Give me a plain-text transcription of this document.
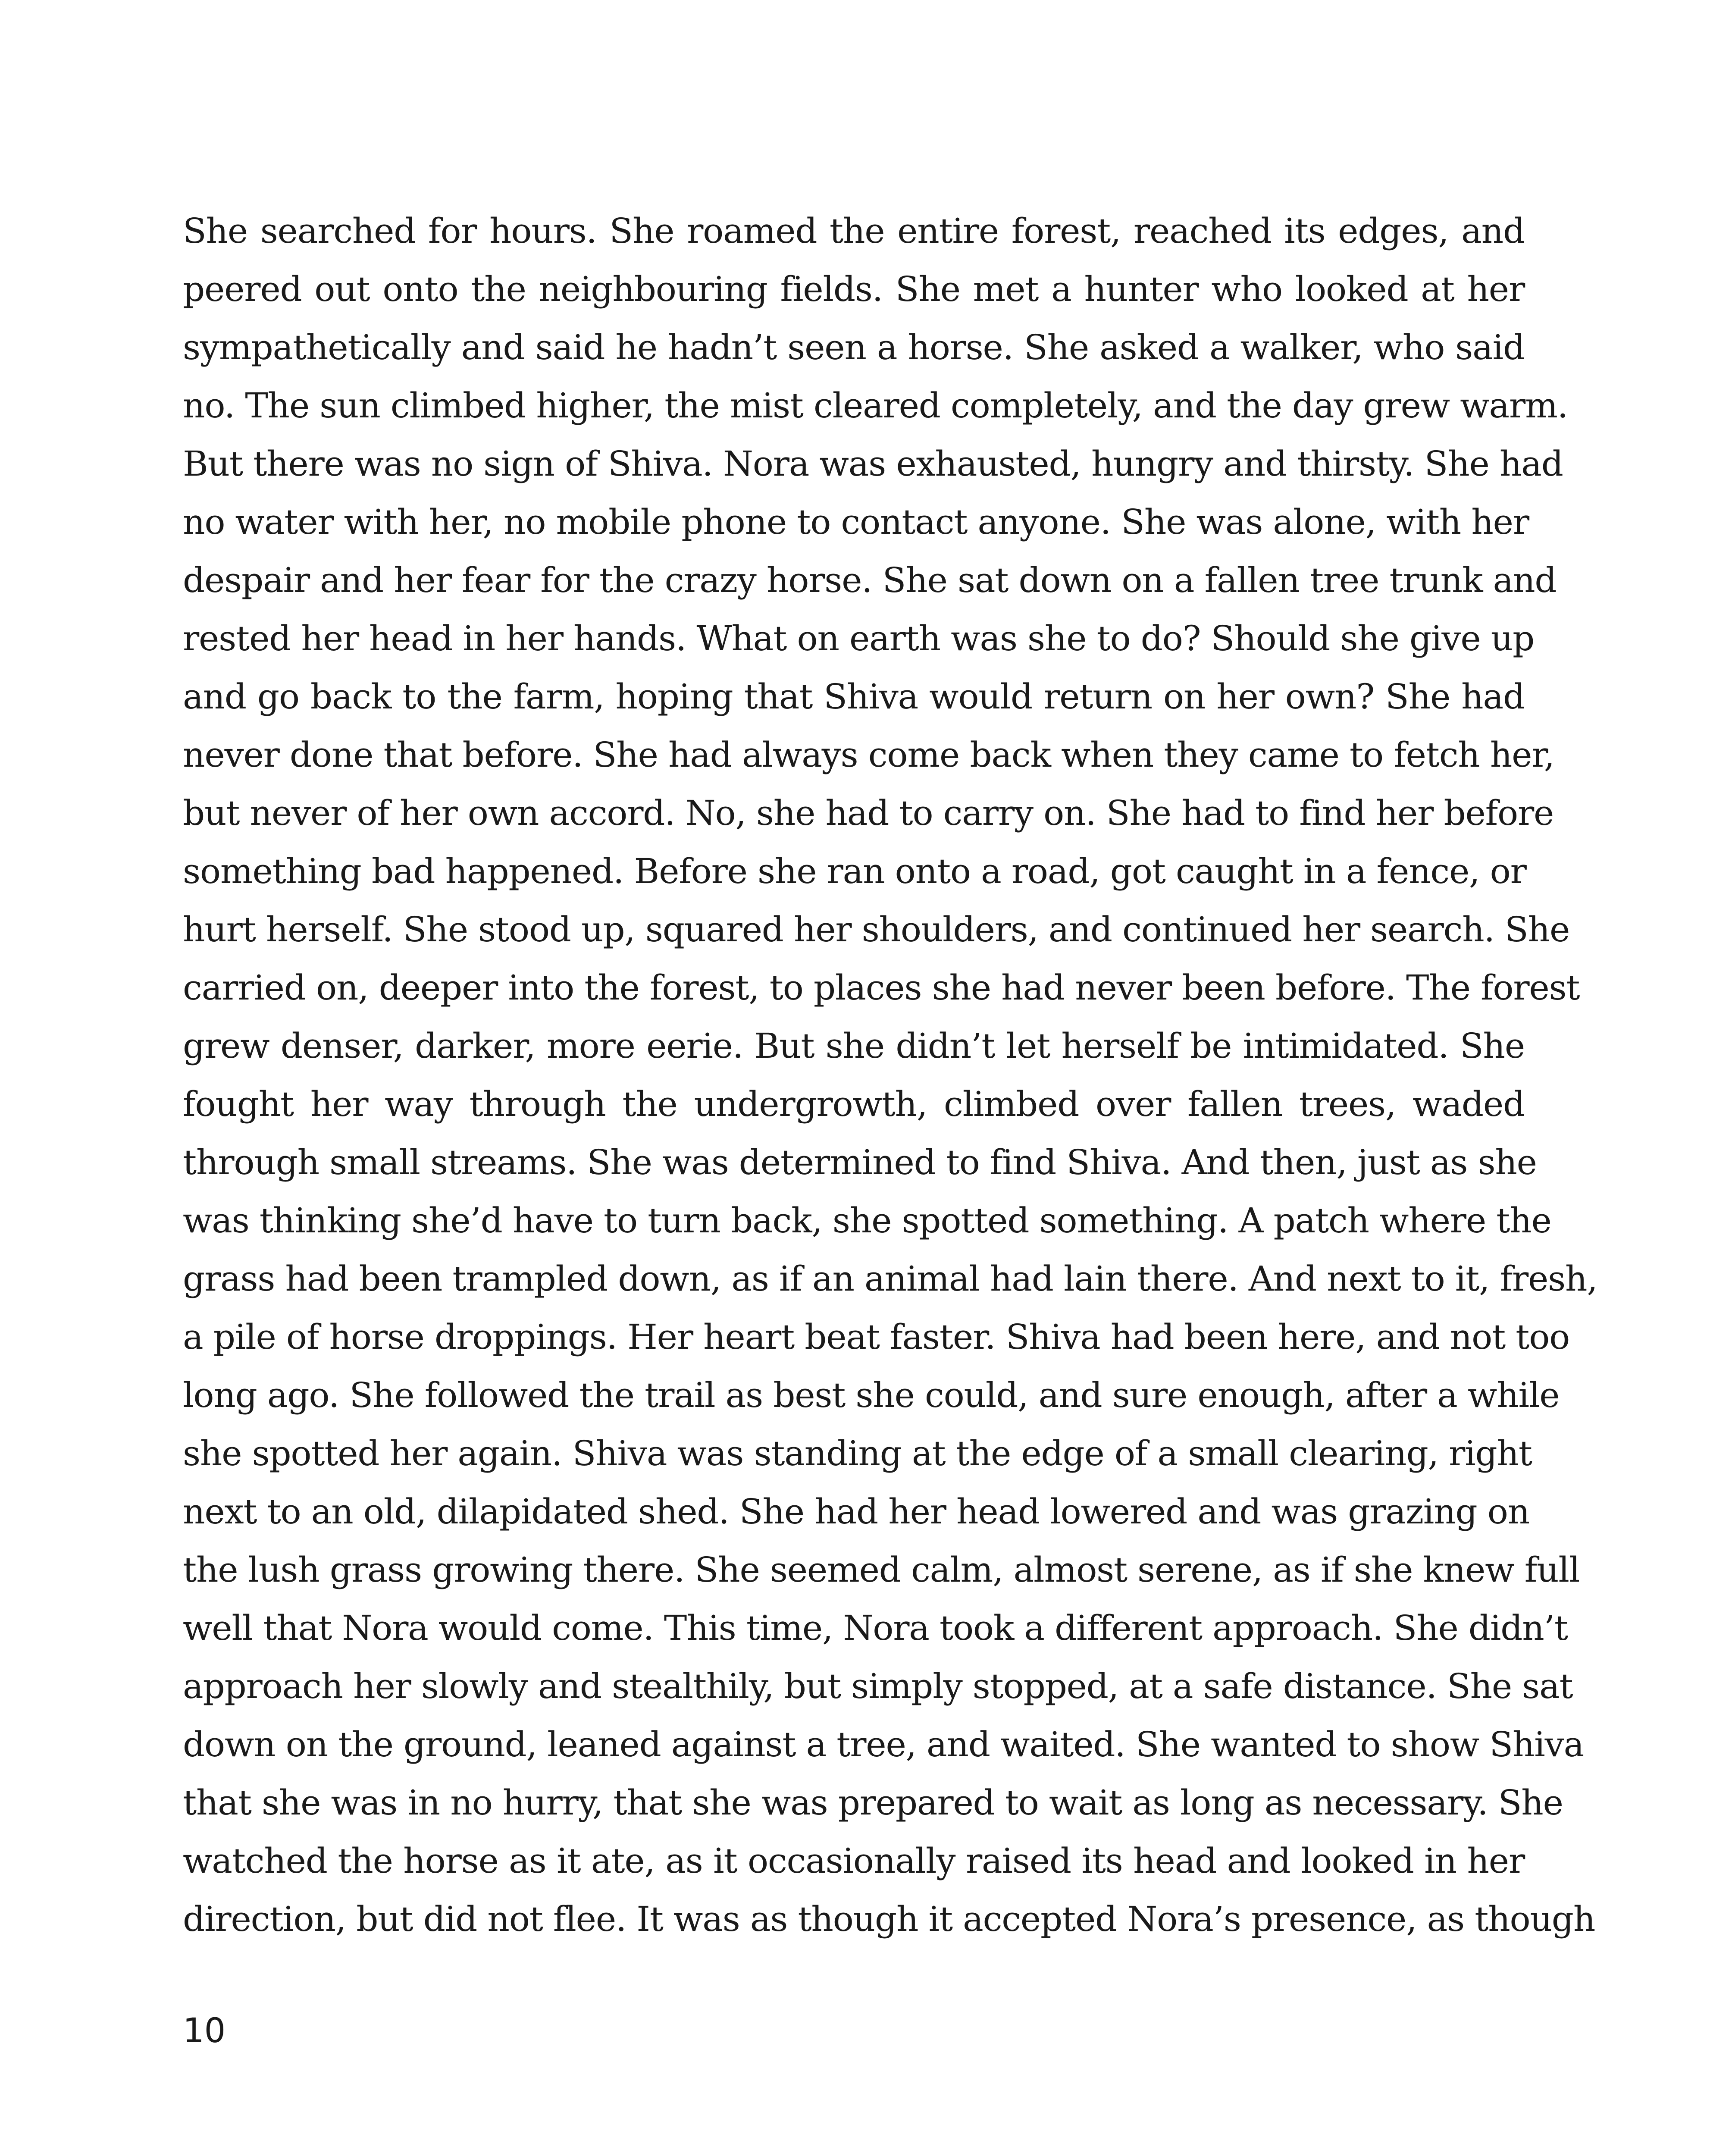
She searched for hours. She roamed the entire forest, reached its edges, and
peered out onto the neighbouring fields. She met a hunter who looked at her
sympathetically and said he hadn’t seen a horse. She asked a walker, who said
no. The sun climbed higher, the mist cleared completely, and the day grew warm.
But there was no sign of Shiva. Nora was exhausted, hungry and thirsty. She had
no water with her, no mobile phone to contact anyone. She was alone, with her
despair and her fear for the crazy horse. She sat down on a fallen tree trunk and
rested her head in her hands. What on earth was she to do? Should she give up
and go back to the farm, hoping that Shiva would return on her own? She had
never done that before. She had always come back when they came to fetch her,
but never of her own accord. No, she had to carry on. She had to find her before
something bad happened. Before she ran onto a road, got caught in a fence, or
hurt herself. She stood up, squared her shoulders, and continued her search. She
carried on, deeper into the forest, to places she had never been before. The forest
grew denser, darker, more eerie. But she didn’t let herself be intimidated. She
fought her way through the undergrowth, climbed over fallen trees, waded
through small streams. She was determined to find Shiva. And then, just as she
was thinking she’d have to turn back, she spotted something. A patch where the
grass had been trampled down, as if an animal had lain there. And next to it, fresh,
a pile of horse droppings. Her heart beat faster. Shiva had been here, and not too
long ago. She followed the trail as best she could, and sure enough, after a while
she spotted her again. Shiva was standing at the edge of a small clearing, right
next to an old, dilapidated shed. She had her head lowered and was grazing on
the lush grass growing there. She seemed calm, almost serene, as if she knew full
well that Nora would come. This time, Nora took a different approach. She didn’t
approach her slowly and stealthily, but simply stopped, at a safe distance. She sat
down on the ground, leaned against a tree, and waited. She wanted to show Shiva
that she was in no hurry, that she was prepared to wait as long as necessary. She
watched the horse as it ate, as it occasionally raised its head and looked in her
direction, but did not flee. It was as though it accepted Nora’s presence, as though
10
